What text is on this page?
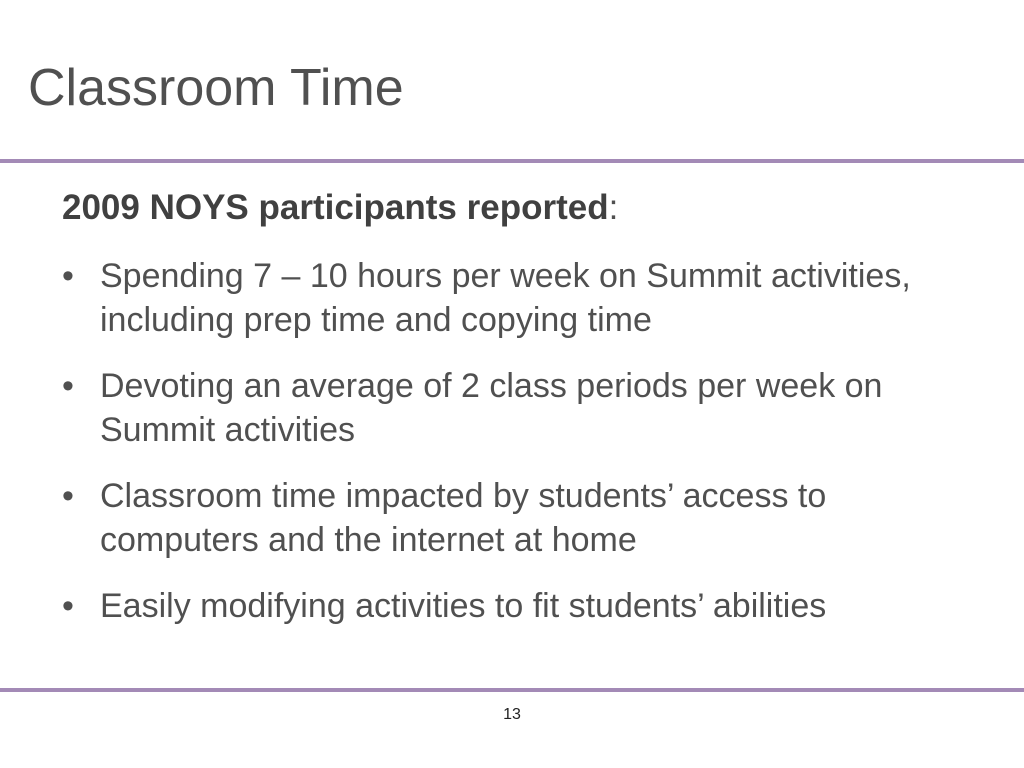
Classroom Time

2009 NOYS participants reported:

• Spending 7 – 10 hours per week on Summit activities, including prep time and copying time
• Devoting an average of 2 class periods per week on Summit activities
• Classroom time impacted by students’ access to computers and the internet at home
• Easily modifying activities to fit students’ abilities
13
